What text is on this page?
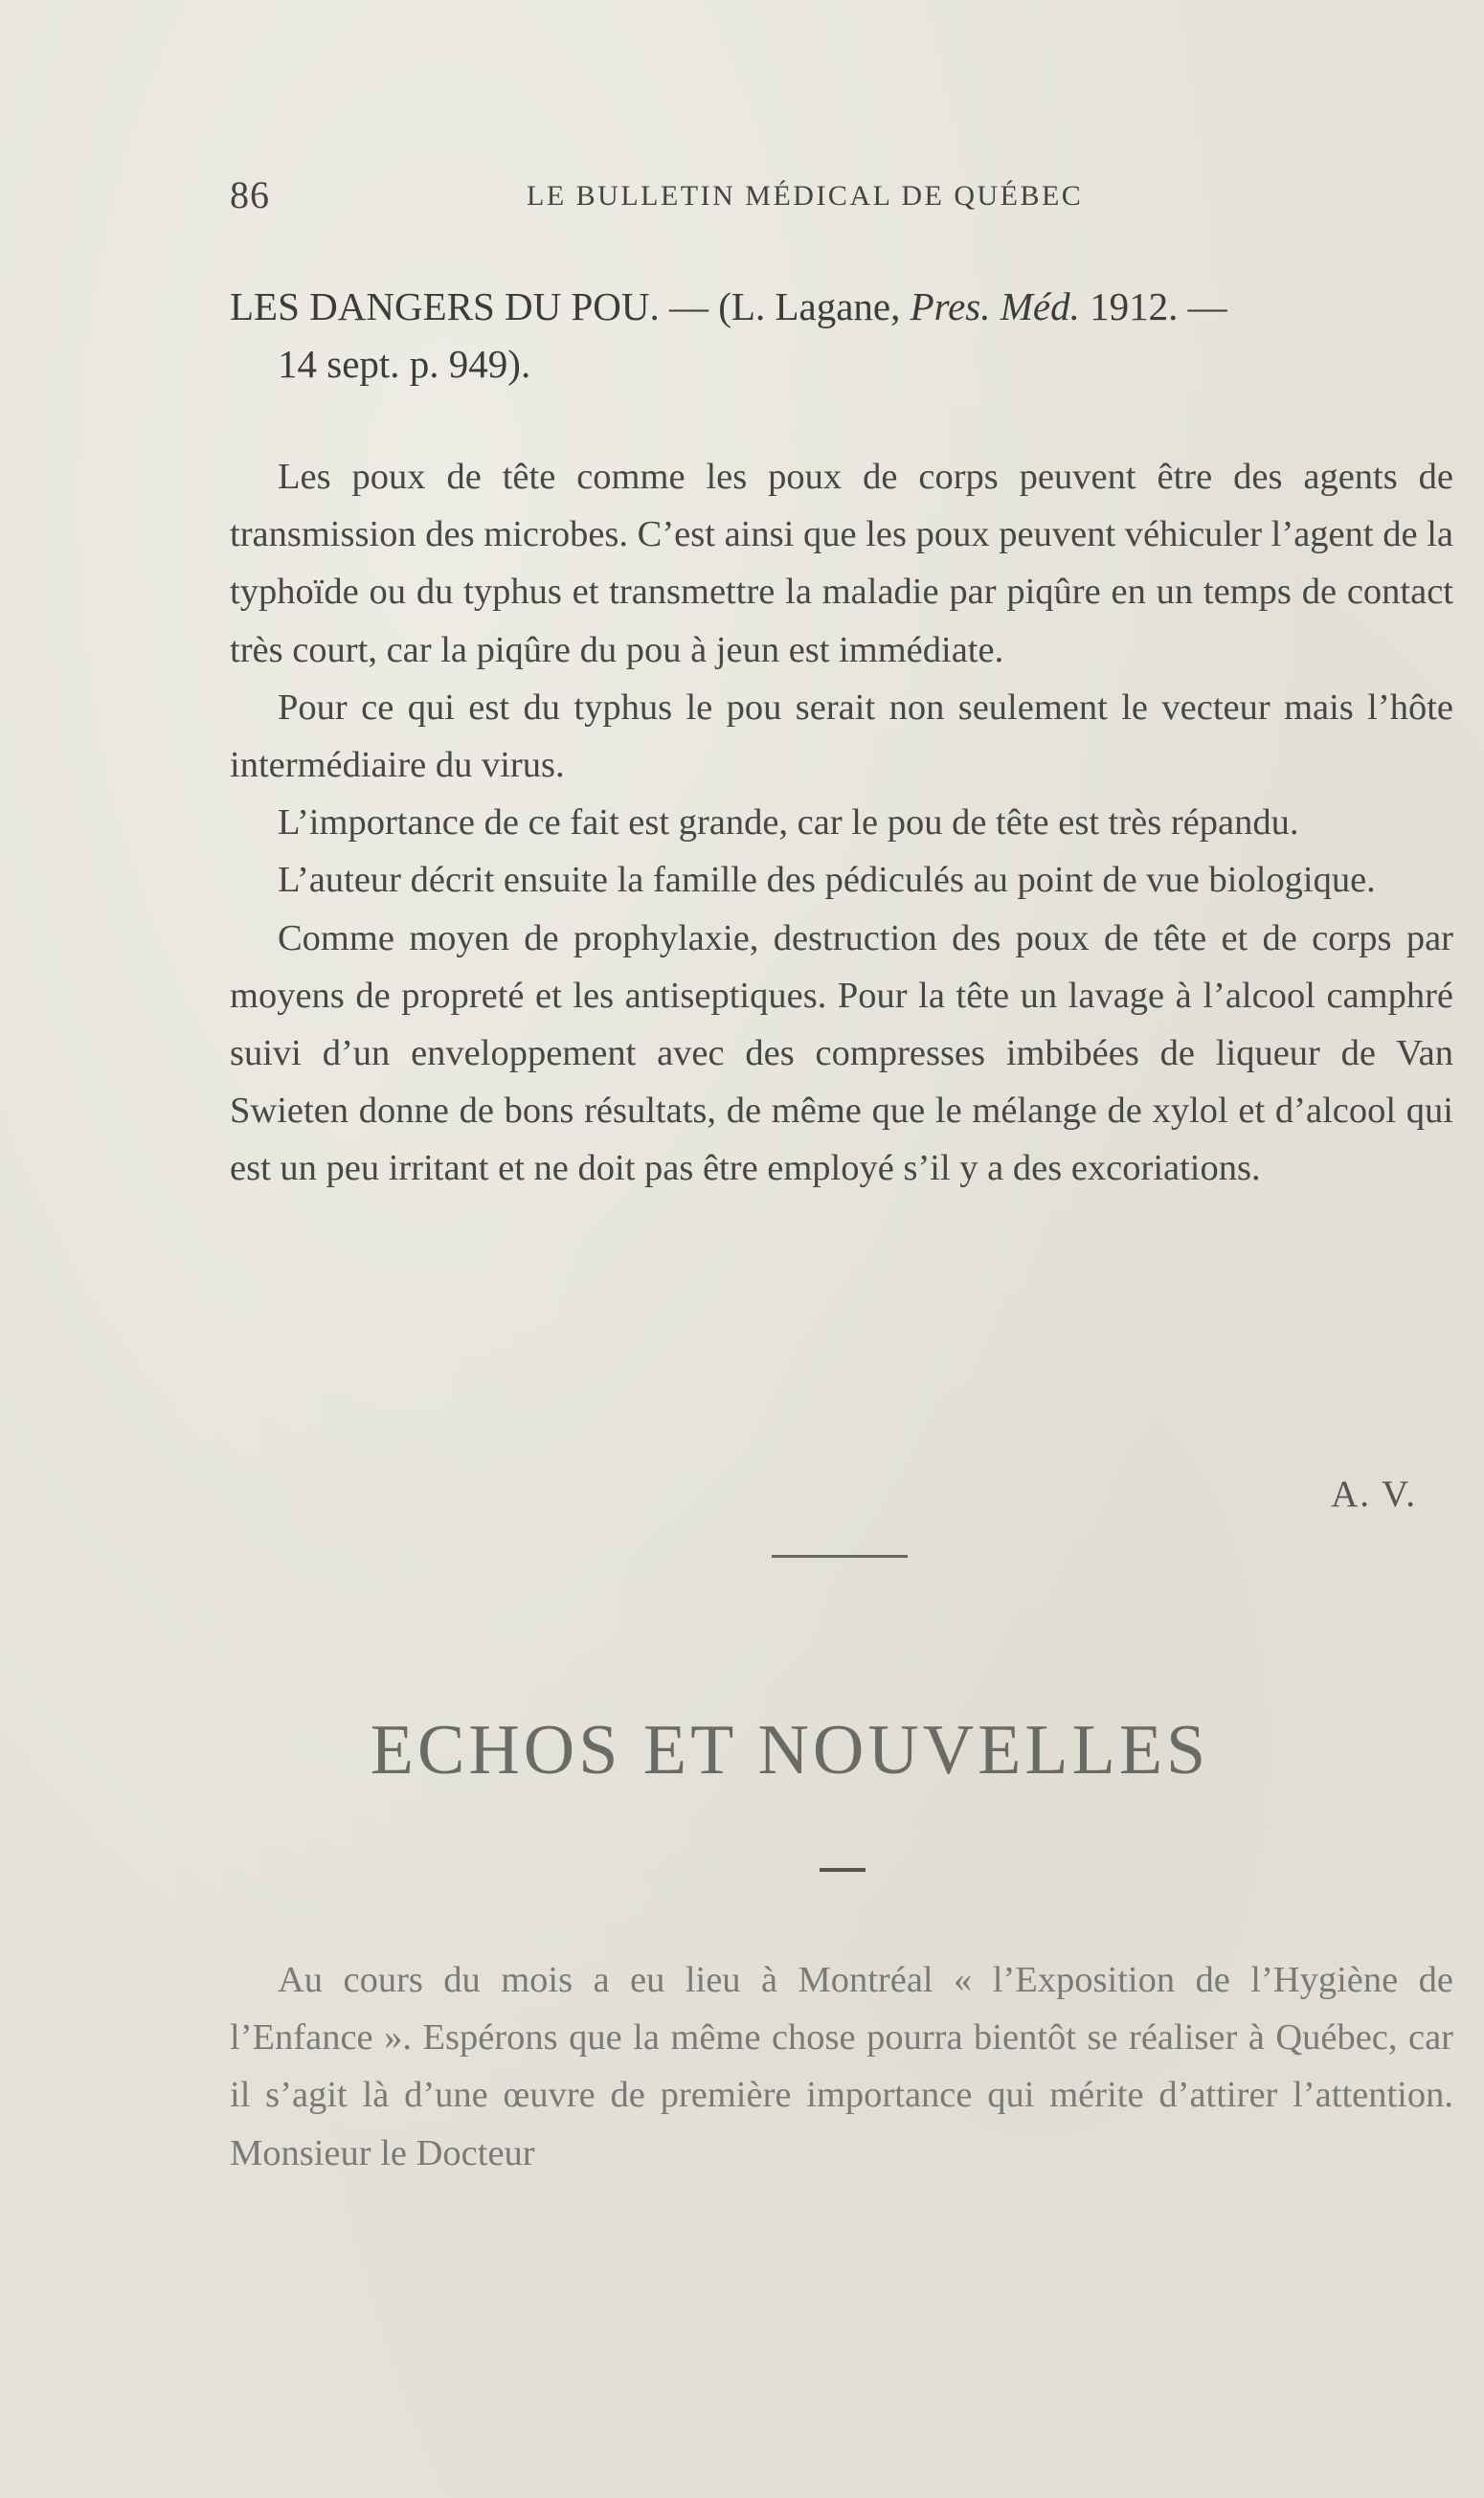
86	LE BULLETIN MÉDICAL DE QUÉBEC
LES DANGERS DU POU. — (L. Lagane, Pres. Méd. 1912. —
14 sept. p. 949).

Les poux de tête comme les poux de corps peuvent être des agents de transmission des microbes. C’est ainsi que les poux peuvent véhiculer l’agent de la typhoïde ou du typhus et transmettre la maladie par piqûre en un temps de contact très court, car la piqûre du pou à jeun est immédiate.

Pour ce qui est du typhus le pou serait non seulement le vecteur mais l’hôte intermédiaire du virus.

L’importance de ce fait est grande, car le pou de tête est très répandu.

L’auteur décrit ensuite la famille des pédiculés au point de vue biologique.

Comme moyen de prophylaxie, destruction des poux de tête et de corps par moyens de propreté et les antiseptiques. Pour la tête un lavage à l’alcool camphré suivi d’un enveloppement avec des compresses imbibées de liqueur de Van Swieten donne de bons résultats, de même que le mélange de xylol et d’alcool qui est un peu irritant et ne doit pas être employé s’il y a des excoriations.

A. V.
ECHOS ET NOUVELLES

Au cours du mois a eu lieu à Montréal « l’Exposition de l’Hygiène de l’Enfance ». Espérons que la même chose pourra bientôt se réaliser à Québec, car il s’agit là d’une œuvre de première importance qui mérite d’attirer l’attention. Monsieur le Docteur
